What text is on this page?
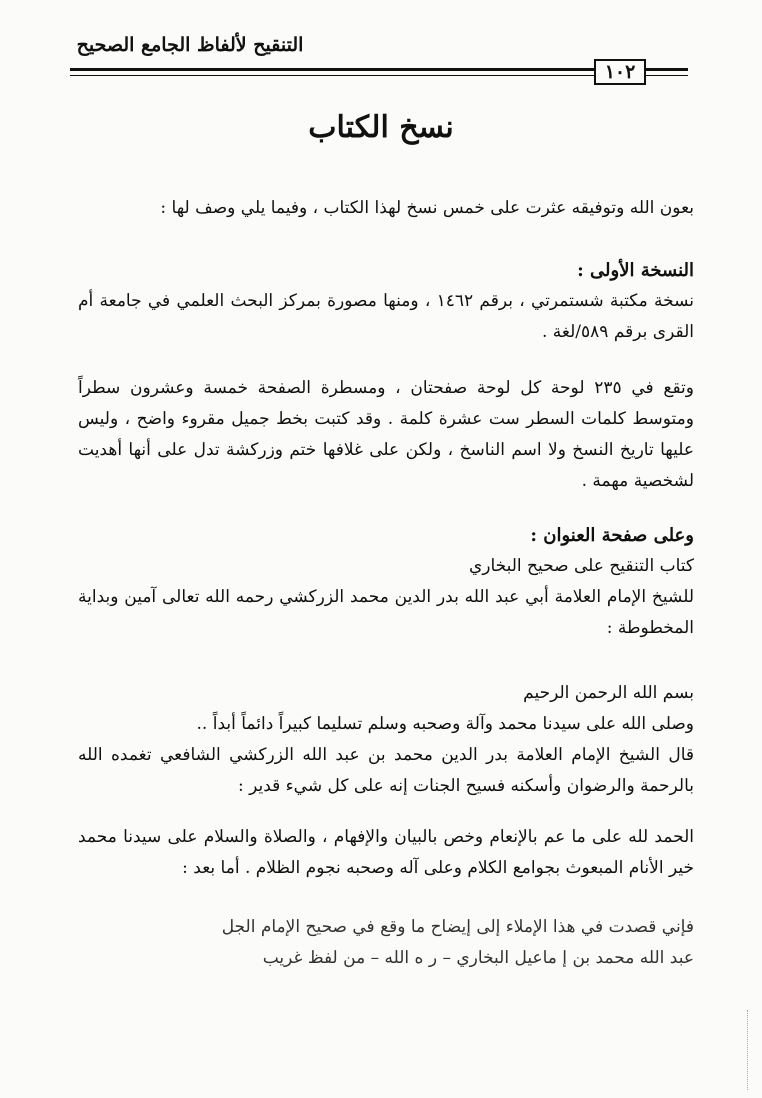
التنقيح لألفاظ الجامع الصحيح
١٠٢
نسخ الكتاب
بعون الله وتوفيقه عثرت على خمس نسخ لهذا الكتاب ، وفيما يلي وصف لها :
النسخة الأولى :
نسخة مكتبة شستمرتي ، برقم ١٤٦٢ ، ومنها مصورة بمركز البحث العلمي في جامعة أم القرى برقم ٥٨٩/لغة .
وتقع في ٢٣٥ لوحة كل لوحة صفحتان ، ومسطرة الصفحة خمسة وعشرون سطراً ومتوسط كلمات السطر ست عشرة كلمة . وقد كتبت بخط جميل مقروء واضح ، وليس عليها تاريخ النسخ ولا اسم الناسخ ، ولكن على غلافها ختم وزركشة تدل على أنها أهديت لشخصية مهمة .
وعلى صفحة العنوان :
كتاب التنقيح على صحيح البخاري
للشيخ الإمام العلامة أبي عبد الله بدر الدين محمد الزركشي رحمه الله تعالى آمين وبداية المخطوطة :
بسم الله الرحمن الرحيم
وصلى الله على سيدنا محمد وآلة وصحبه وسلم تسليما كبيراً دائماً أبداً ..
قال الشيخ الإمام العلامة بدر الدين محمد بن عبد الله الزركشي الشافعي تغمده الله بالرحمة والرضوان وأسكنه فسيح الجنات إنه على كل شيء قدير :
الحمد لله على ما عم بالإنعام وخص بالبيان والإفهام ، والصلاة والسلام على سيدنا محمد خير الأنام المبعوث بجوامع الكلام وعلى آله وصحبه نجوم الظلام . أما بعد :
فإني قصدت في هذا الإملاء إلى إيضاح ما وقع في صحيح الإمام الجل
عبد الله محمد بن إ ماعيل البخاري – ر ه الله – من لفظ غريب
